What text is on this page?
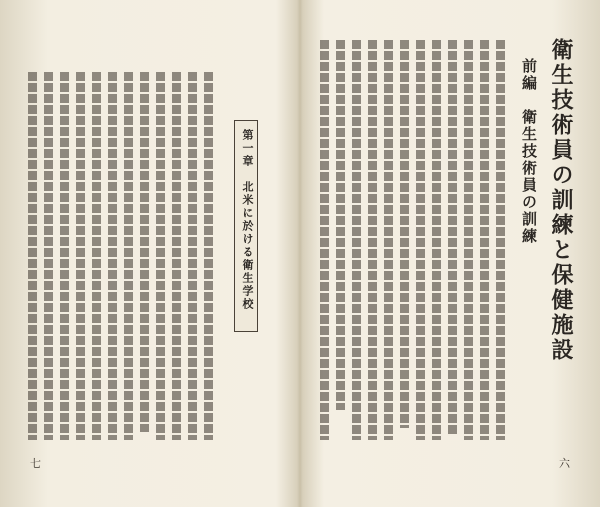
衛生技術員の訓練と保健施設
前編　衛生技術員の訓練
六
第一章　北米に於ける衛生学校
七
